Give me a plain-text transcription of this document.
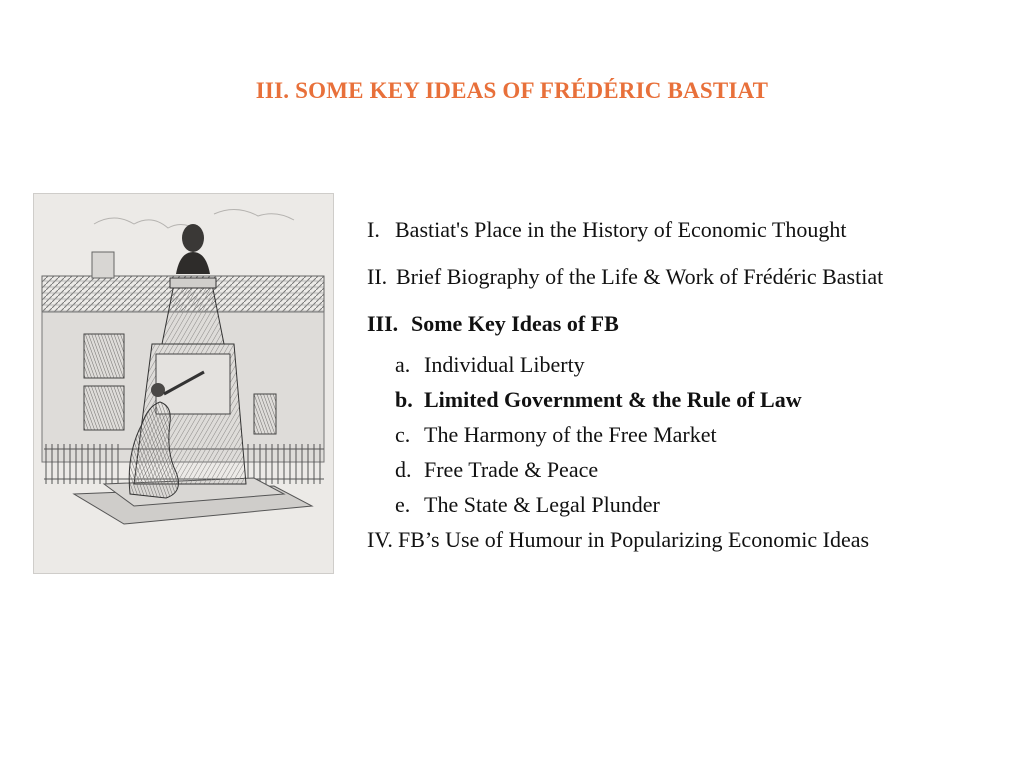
III. SOME KEY IDEAS OF FRÉDÉRIC BASTIAT
I. Bastiat's Place in the History of Economic Thought
II. Brief Biography of the Life & Work of Frédéric Bastiat
III. Some Key Ideas of FB
a. Individual Liberty
b. Limited Government & the Rule of Law
c. The Harmony of the Free Market
d. Free Trade & Peace
e. The State & Legal Plunder
IV. FB’s Use of Humour in Popularizing Economic Ideas
